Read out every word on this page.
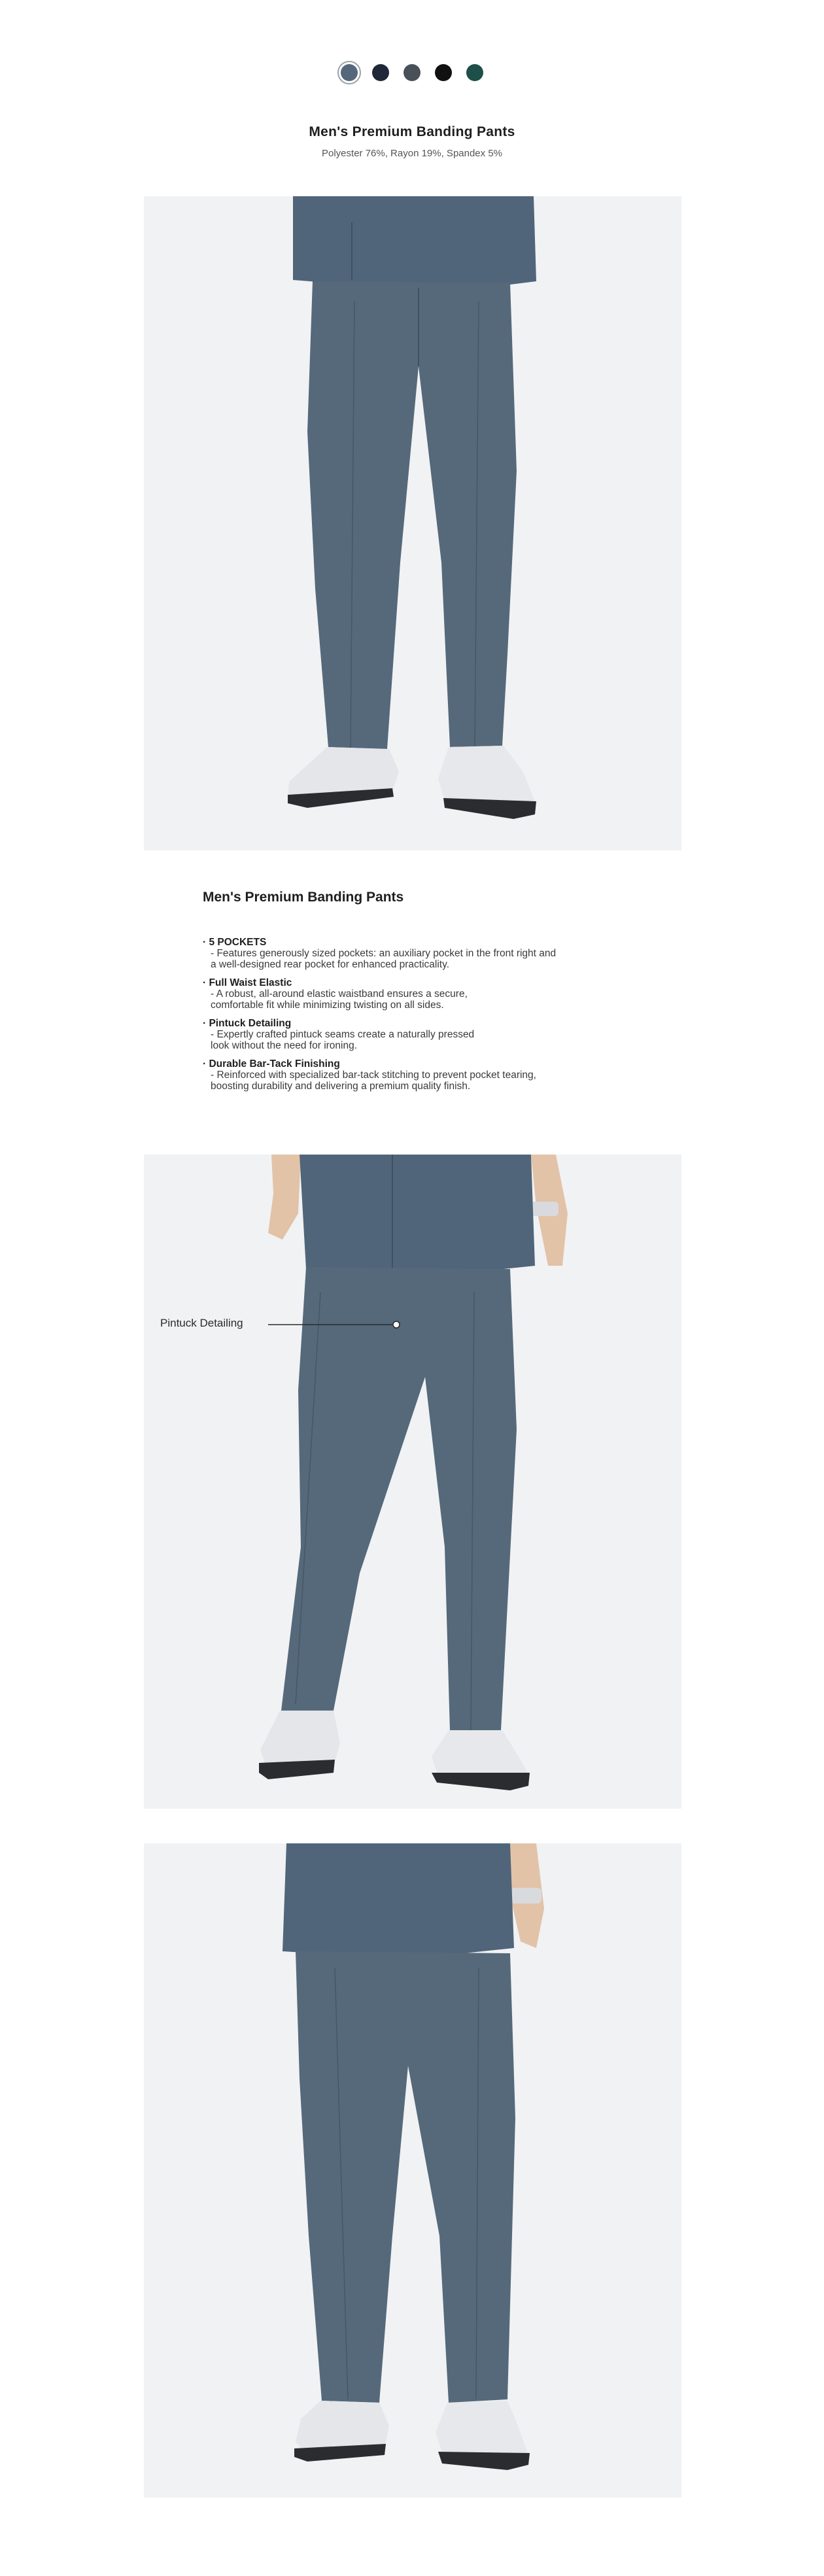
Men's Premium Banding Pants
Polyester 76%, Rayon 19%, Spandex 5%
Men's Premium Banding Pants
· 5 POCKETS
- Features generously sized pockets: an auxiliary pocket in the front right and
a well-designed rear pocket for enhanced practicality.
· Full Waist Elastic
- A robust, all-around elastic waistband ensures a secure,
comfortable fit while minimizing twisting on all sides.
· Pintuck Detailing
- Expertly crafted pintuck seams create a naturally pressed
look without the need for ironing.
· Durable Bar-Tack Finishing
- Reinforced with specialized bar-tack stitching to prevent pocket tearing,
boosting durability and delivering a premium quality finish.
Pintuck Detailing
